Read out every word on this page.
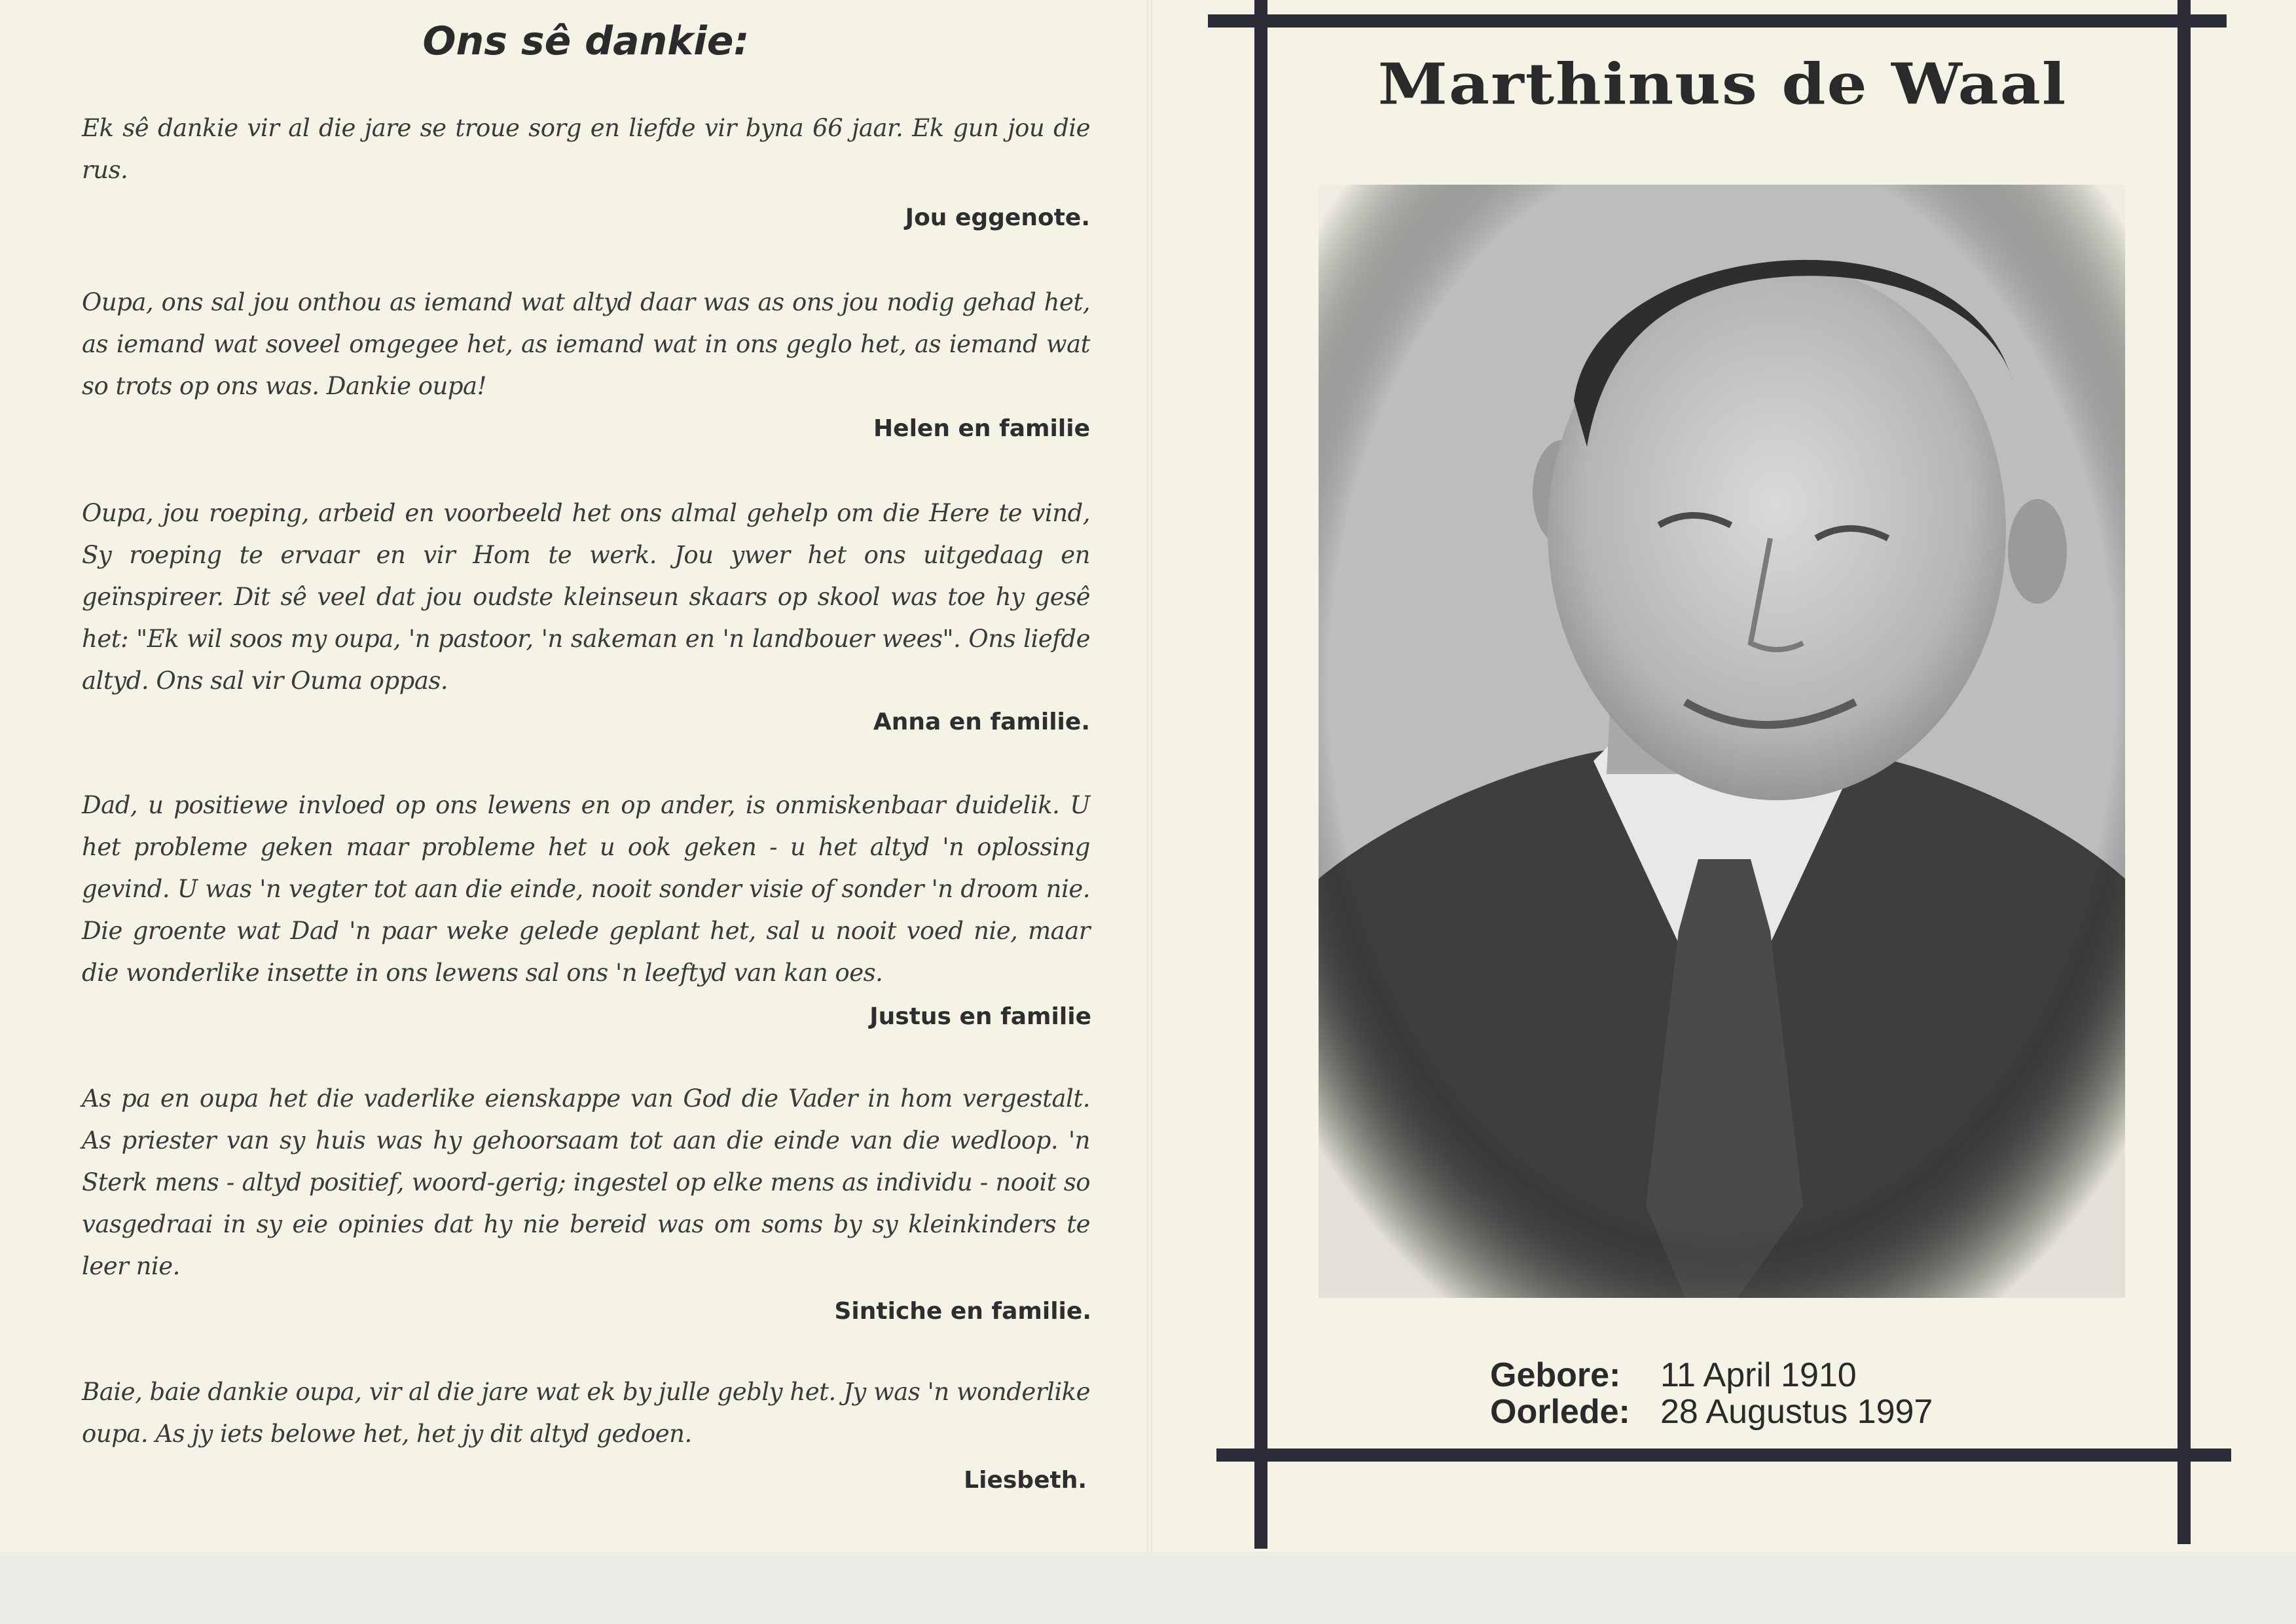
Ons sê dankie:

Ek sê dankie vir al die jare se troue sorg en liefde vir byna 66 jaar. Ek gun jou die rus.

Jou eggenote.

Oupa, ons sal jou onthou as iemand wat altyd daar was as ons jou nodig gehad het, as iemand wat soveel omgegee het, as iemand wat in ons geglo het, as iemand wat so trots op ons was. Dankie oupa!

Helen en familie

Oupa, jou roeping, arbeid en voorbeeld het ons almal gehelp om die Here te vind, Sy roeping te ervaar en vir Hom te werk. Jou ywer het ons uitgedaag en geïnspireer. Dit sê veel dat jou oudste kleinseun skaars op skool was toe hy gesê het: "Ek wil soos my oupa, 'n pastoor, 'n sakeman en 'n landbouer wees". Ons liefde altyd. Ons sal vir Ouma oppas.

Anna en familie.

Dad, u positiewe invloed op ons lewens en op ander, is onmiskenbaar duidelik. U het probleme geken maar probleme het u ook geken - u het altyd 'n oplossing gevind. U was 'n vegter tot aan die einde, nooit sonder visie of sonder 'n droom nie. Die groente wat Dad 'n paar weke gelede geplant het, sal u nooit voed nie, maar die wonderlike insette in ons lewens sal ons 'n leeftyd van kan oes.

Justus en familie

As pa en oupa het die vaderlike eienskappe van God die Vader in hom vergestalt. As priester van sy huis was hy gehoorsaam tot aan die einde van die wedloop. 'n Sterk mens - altyd positief, woord-gerig; ingestel op elke mens as individu - nooit so vasgedraai in sy eie opinies dat hy nie bereid was om soms by sy kleinkinders te leer nie.

Sintiche en familie.

Baie, baie dankie oupa, vir al die jare wat ek by julle gebly het. Jy was 'n wonderlike oupa. As jy iets belowe het, het jy dit altyd gedoen.

Liesbeth.
Marthinus de Waal
Gebore: 11 April 1910
Oorlede: 28 Augustus 1997
